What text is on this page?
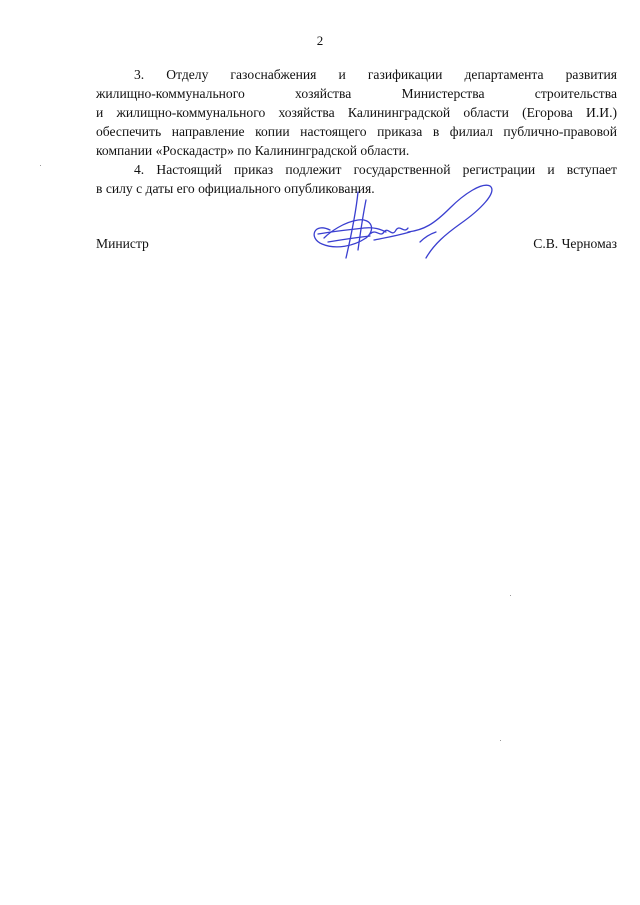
2

3. Отделу газоснабжения и газификации департамента развития
жилищно-коммунального хозяйства Министерства строительства
и жилищно-коммунального хозяйства Калининградской области (Егорова И.И.)
обеспечить направление копии настоящего приказа в филиал публично-правовой
компании «Роскадастр» по Калининградской области.

4. Настоящий приказ подлежит государственной регистрации и вступает
в силу с даты его официального опубликования.

Министр	С.В. Черномаз
